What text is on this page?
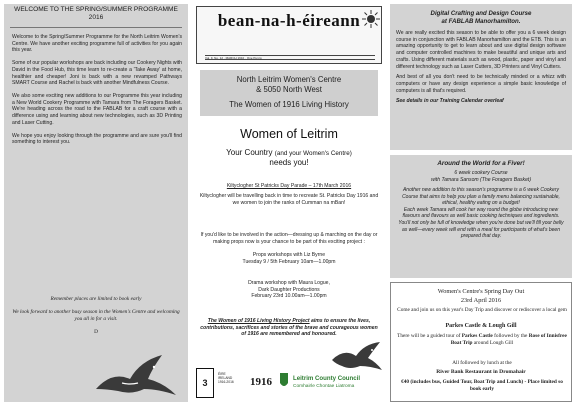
WELCOME TO THE SPRING/SUMMER PROGRAMME 2016

Welcome to the Spring/Summer Programme for the North Leitrim Women's Centre. We have another exciting programme full of activities for you again this year.

Some of our popular workshops are back including our Cookery Nights with David in the Food Hub, this time learn to re-create a 'Take Away' at home, healthier and cheaper! Joni is back with a new revamped Pathways SMART Course and Rachel is back with another Mindfulness Course.

We also some exciting new additions to our Programme this year including a New World Cookery Programme with Tamara from The Foragers Basket. We're heading across the road to the FABLAB for a craft course with a difference using and learning about new technologies, such as 3D Printing and Laser Cutting.

We hope you enjoy looking through the programme and are sure you'll find something to interest you.

Remember places are limited to book early

We look forward to another busy season in the Women's Centre and welcoming you all in for a visit.

D

bean-na-h-éireann
Vol. II. No. 12 · MARCH 1910 · One Penny
North Leitrim Women's Centre
& 5050 North West
The Women of 1916 Living History
Women of Leitrim
Your Country (and your Women's Centre)
needs you!
Kiltyclogher St Patricks Day Parade – 17th March 2016
Kiltyclogher will be travelling back in time to recreate St. Patricks Day 1916 and we women to join the ranks of Cumman na mBan!
If you'd like to be involved in the action—dressing up & marching on the day or making props now is your chance to be part of this exciting project :
Props workshops with Liz Byrne
Tuesday 9 / 5th February 10am—1.00pm
Drama workshop with Maura Logue,
Dark Daughter Productions
February 23rd 10.00am—1.00pm
The Women of 1916 Living History Project aims to ensure the lives, contributions, sacrifices and stories of the brave and courageous women of 1916 are remembered and honoured.
3
ÉIRE
IRELAND
1916-2016	1916	Leitrim County Council
Comhairle Chontae Liatroma
Digital Crafting and Design Course
at FABLAB Manorhamilton.

We are really excited this season to be able to offer you a 6 week design course in conjunction with FABLAB Manorhamilton and the ETB. This is an amazing opportunity to get to learn about and use digital design software and computer controlled machines to make beautiful and unique arts and crafts. Using different materials such as wood, plastic, paper and vinyl and different technology such as Laser Cutters, 3D Printers and Vinyl Cutters.

And best of all you don't need to be technically minded or a whizz with computers or have any design experience a simple basic knowledge of computers is all that's required.

See details in our Training Calendar overleaf

Around the World for a Fiver!
6 week cookery Course
with Tamara Sansom (The Foragers Basket)

Another new addition to this season's programme is a 6 week Cookery Course that aims to help you plan a family menu balancing sustainable, ethical, healthy eating on a budget!

Each week Tamara will cook her way round the globe introducing new flavours and flavours as well basic cooking techniques and ingredients.

You'll not only be full of knowledge when you're done but we'll fill your belly as well—every week will end with a meal for participants of what's been prepared that day.

Women's Centre's Spring Day Out
23rd April 2016
Come and join us on this year's Day Trip and discover or rediscover a local gem
Parkes Castle & Lough Gill
There will be a guided tour of Parkes Castle followed by the Rose of Innisfree Boat Trip around Lough Gill
All followed by lunch at the
River Bank Restaurant in Dromahair
€40 (includes bus, Guided Tour, Boat Trip and Lunch) - Place limited so book early
